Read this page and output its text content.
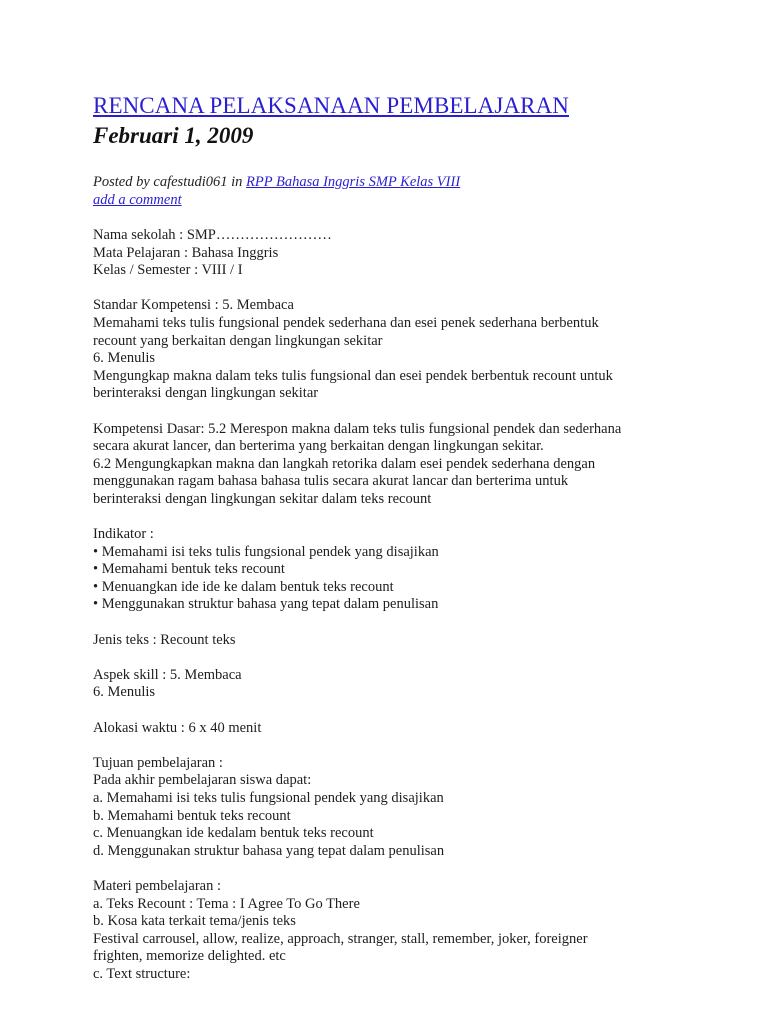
RENCANA PELAKSANAAN PEMBELAJARAN
Februari 1, 2009
Posted by cafestudi061 in RPP Bahasa Inggris SMP Kelas VIII
add a comment
Nama sekolah : SMP……………………
Mata Pelajaran : Bahasa Inggris
Kelas / Semester : VIII / I
Standar Kompetensi : 5. Membaca
Memahami teks tulis fungsional pendek sederhana dan esei penek sederhana berbentuk
recount yang berkaitan dengan lingkungan sekitar
6. Menulis
Mengungkap makna dalam teks tulis fungsional dan esei pendek berbentuk recount untuk
berinteraksi dengan lingkungan sekitar
Kompetensi Dasar: 5.2 Merespon makna dalam teks tulis fungsional pendek dan sederhana
secara akurat lancer, dan berterima yang berkaitan dengan lingkungan sekitar.
6.2 Mengungkapkan makna dan langkah retorika dalam esei pendek sederhana dengan
menggunakan ragam bahasa bahasa tulis secara akurat lancar dan berterima untuk
berinteraksi dengan lingkungan sekitar dalam teks recount
Indikator :
• Memahami isi teks tulis fungsional pendek yang disajikan
• Memahami bentuk teks recount
• Menuangkan ide ide ke dalam bentuk teks recount
• Menggunakan struktur bahasa yang tepat dalam penulisan
Jenis teks : Recount teks
Aspek skill : 5. Membaca
6. Menulis
Alokasi waktu : 6 x 40 menit
Tujuan pembelajaran :
Pada akhir pembelajaran siswa dapat:
a. Memahami isi teks tulis fungsional pendek yang disajikan
b. Memahami bentuk teks recount
c. Menuangkan ide kedalam bentuk teks recount
d. Menggunakan struktur bahasa yang tepat dalam penulisan
Materi pembelajaran :
a. Teks Recount : Tema : I Agree To Go There
b. Kosa kata terkait tema/jenis teks
Festival carrousel, allow, realize, approach, stranger, stall, remember, joker, foreigner
frighten, memorize delighted. etc
c. Text structure:
